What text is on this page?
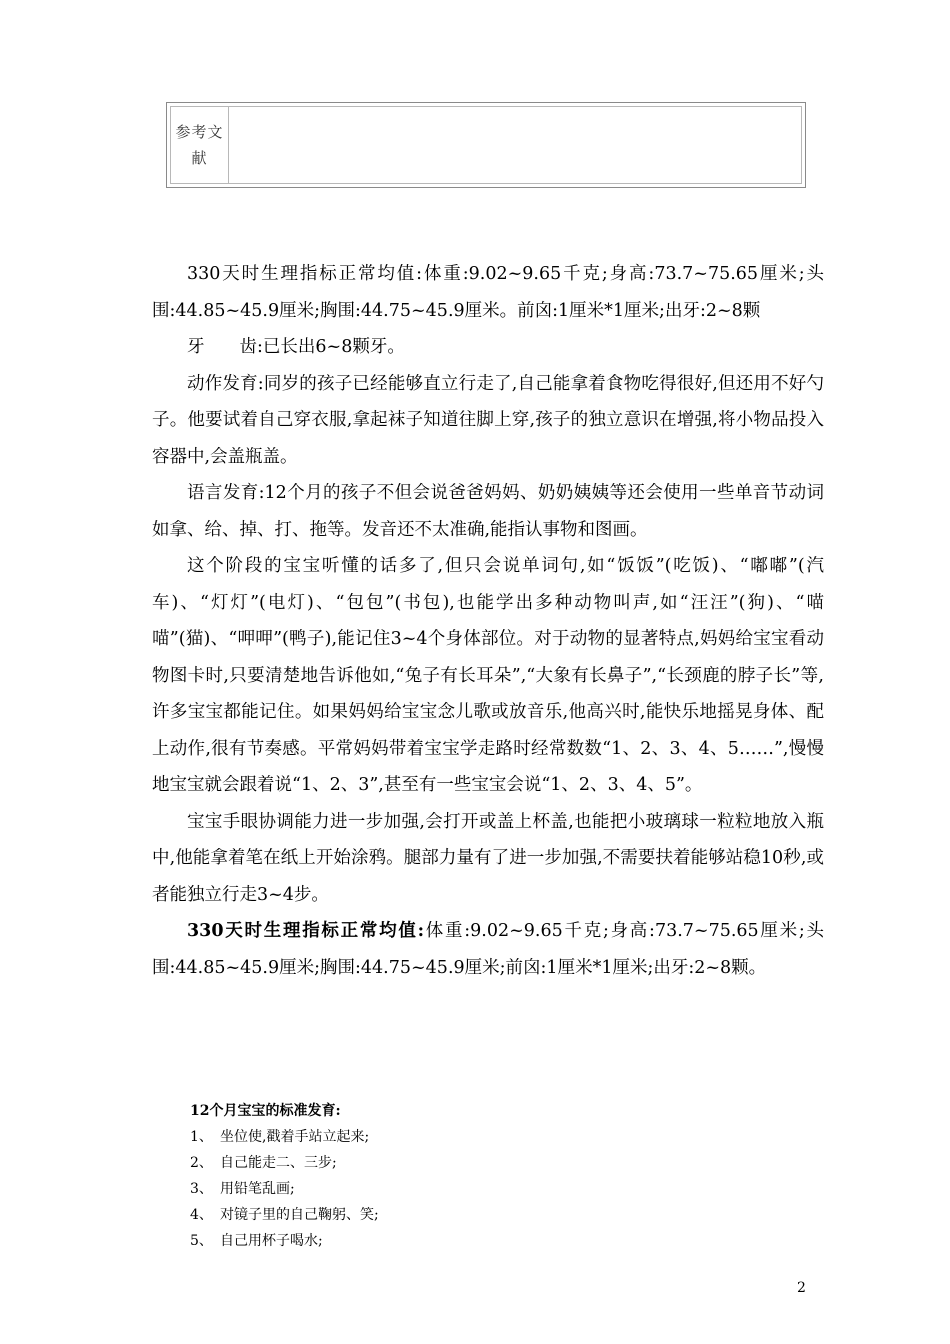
参考文献

330天时生理指标正常均值:体重:9.02~9.65千克;身高:73.7~75.65厘米;头围:44.85~45.9厘米;胸围:44.75~45.9厘米。前囟:1厘米*1厘米;出牙:2~8颗

牙　　齿:已长出6~8颗牙。

动作发育:同岁的孩子已经能够直立行走了,自己能拿着食物吃得很好,但还用不好勺子。他要试着自己穿衣服,拿起袜子知道往脚上穿,孩子的独立意识在增强,将小物品投入容器中,会盖瓶盖。

语言发育:12个月的孩子不但会说爸爸妈妈、奶奶姨姨等还会使用一些单音节动词如拿、给、掉、打、拖等。发音还不太准确,能指认事物和图画。

这个阶段的宝宝听懂的话多了,但只会说单词句,如“饭饭”(吃饭)、“嘟嘟”(汽车)、“灯灯”(电灯)、“包包”(书包),也能学出多种动物叫声,如“汪汪”(狗)、“喵喵”(猫)、“呷呷”(鸭子),能记住3~4个身体部位。对于动物的显著特点,妈妈给宝宝看动物图卡时,只要清楚地告诉他如,“兔子有长耳朵”,“大象有长鼻子”,“长颈鹿的脖子长”等,许多宝宝都能记住。如果妈妈给宝宝念儿歌或放音乐,他高兴时,能快乐地摇晃身体、配上动作,很有节奏感。平常妈妈带着宝宝学走路时经常数数“1、2、3、4、5……”,慢慢地宝宝就会跟着说“1、2、3”,甚至有一些宝宝会说“1、2、3、4、5”。

宝宝手眼协调能力进一步加强,会打开或盖上杯盖,也能把小玻璃球一粒粒地放入瓶中,他能拿着笔在纸上开始涂鸦。腿部力量有了进一步加强,不需要扶着能够站稳10秒,或者能独立行走3~4步。

330天时生理指标正常均值:体重:9.02~9.65千克;身高:73.7~75.65厘米;头围:44.85~45.9厘米;胸围:44.75~45.9厘米;前囟:1厘米*1厘米;出牙:2~8颗。

12个月宝宝的标准发育:

1、 坐位使,戳着手站立起来;

2、 自己能走二、三步;

3、 用铅笔乱画;

4、 对镜子里的自己鞠躬、笑;

5、 自己用杯子喝水;

2
